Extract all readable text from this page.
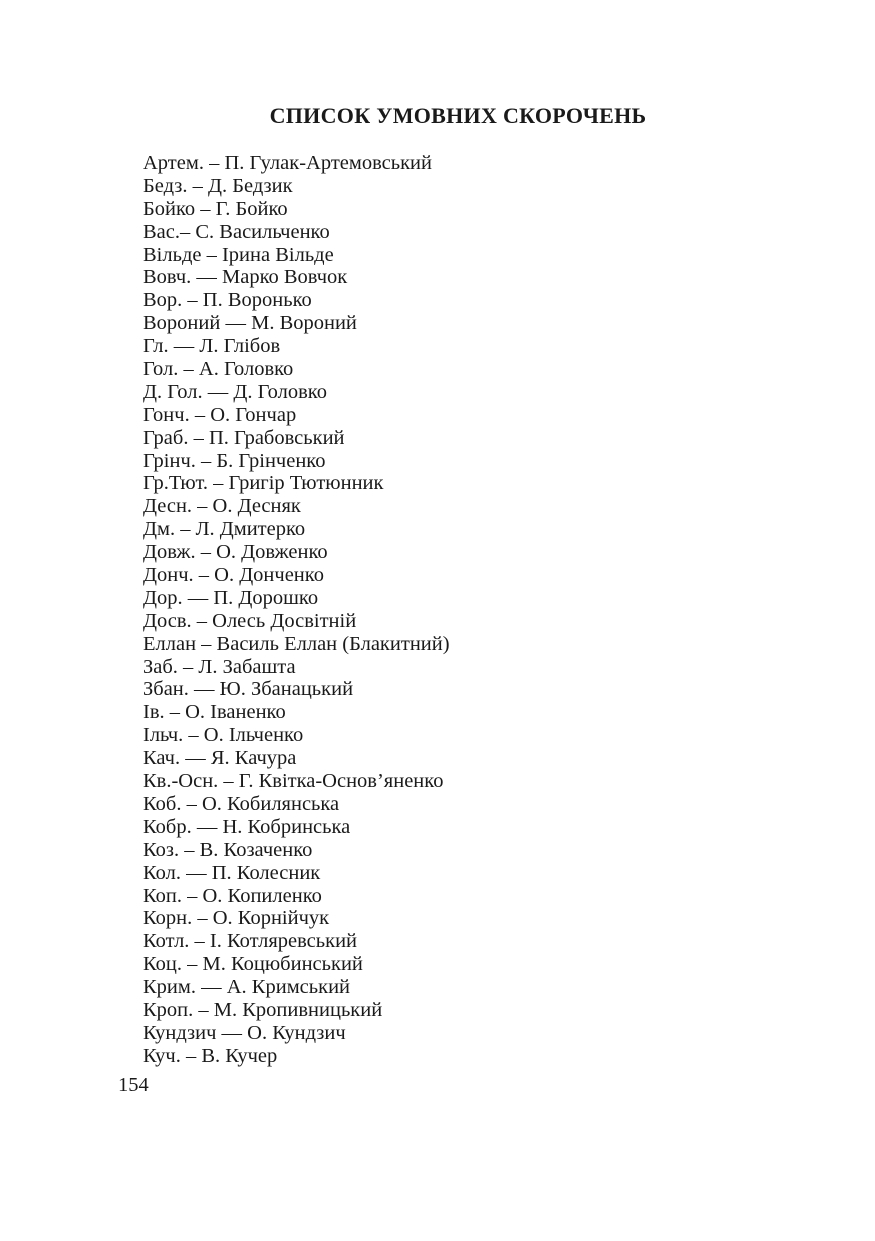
СПИСОК УМОВНИХ СКОРОЧЕНЬ
Артем. – П. Гулак-Артемовський
Бедз. – Д. Бедзик
Бойко – Г. Бойко
Вас.– С. Васильченко
Вільде – Ірина Вільде
Вовч. — Марко Вовчок
Вор. – П. Воронько
Вороний — М. Вороний
Гл. — Л. Глібов
Гол. – А. Головко
Д. Гол. — Д. Головко
Гонч. – О. Гончар
Граб. – П. Грабовський
Грінч. – Б. Грінченко
Гр.Тют. – Григір Тютюнник
Десн. – О. Десняк
Дм. – Л. Дмитерко
Довж. – О. Довженко
Донч. – О. Донченко
Дор. — П. Дорошко
Досв. – Олесь Досвітній
Еллан – Василь Еллан (Блакитний)
Заб. – Л. Забашта
Збан. — Ю. Збанацький
Ів. – О. Іваненко
Ільч. – О. Ільченко
Кач. — Я. Качура
Кв.-Осн. – Г. Квітка-Основ’яненко
Коб. – О. Кобилянська
Кобр. — Н. Кобринська
Коз. – В. Козаченко
Кол. — П. Колесник
Коп. – О. Копиленко
Корн. – О. Корнійчук
Котл. – І. Котляревський
Коц. – М. Коцюбинський
Крим. — А. Кримський
Кроп. – М. Кропивницький
Кундзич — О. Кундзич
Куч. – В. Кучер
154
